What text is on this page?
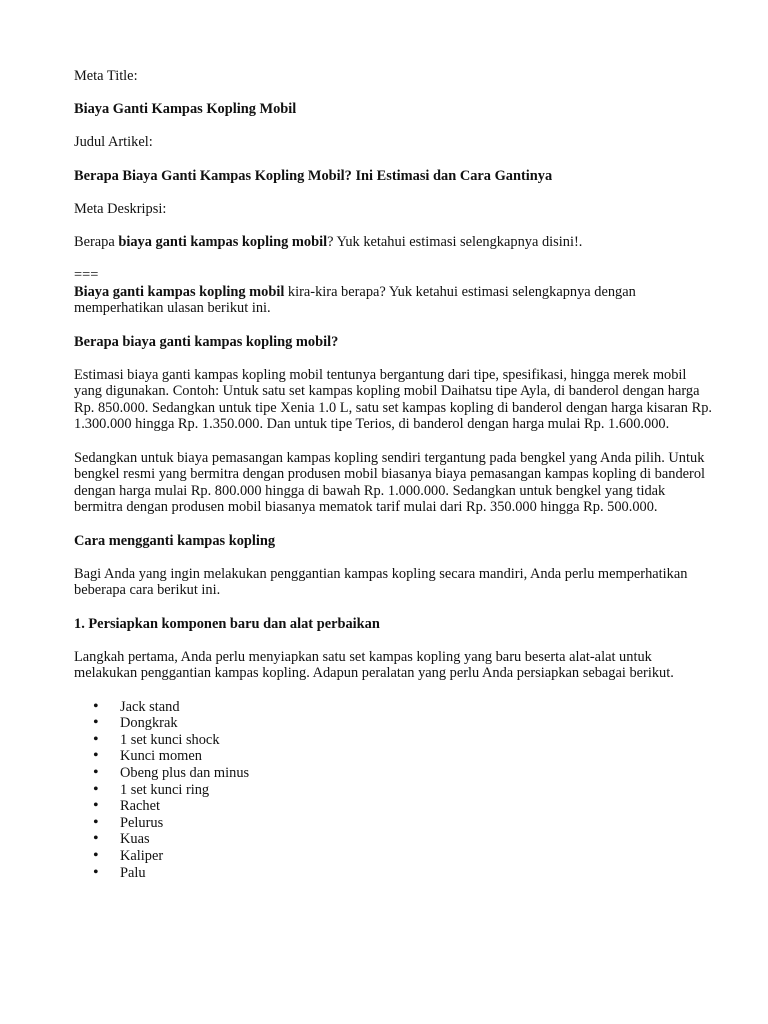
Meta Title:

Biaya Ganti Kampas Kopling Mobil

Judul Artikel:

Berapa Biaya Ganti Kampas Kopling Mobil? Ini Estimasi dan Cara Gantinya

Meta Deskripsi:

Berapa biaya ganti kampas kopling mobil? Yuk ketahui estimasi selengkapnya disini!.

===

Biaya ganti kampas kopling mobil kira-kira berapa? Yuk ketahui estimasi selengkapnya dengan memperhatikan ulasan berikut ini.

Berapa biaya ganti kampas kopling mobil?

Estimasi biaya ganti kampas kopling mobil tentunya bergantung dari tipe, spesifikasi, hingga merek mobil yang digunakan. Contoh: Untuk satu set kampas kopling mobil Daihatsu tipe Ayla, di banderol dengan harga Rp. 850.000. Sedangkan untuk tipe Xenia 1.0 L, satu set kampas kopling di banderol dengan harga kisaran Rp. 1.300.000 hingga Rp. 1.350.000. Dan untuk tipe Terios, di banderol dengan harga mulai Rp. 1.600.000.

Sedangkan untuk biaya pemasangan kampas kopling sendiri tergantung pada bengkel yang Anda pilih. Untuk bengkel resmi yang bermitra dengan produsen mobil biasanya biaya pemasangan kampas kopling di banderol dengan harga mulai Rp. 800.000 hingga di bawah Rp. 1.000.000. Sedangkan untuk bengkel yang tidak bermitra dengan produsen mobil biasanya mematok tarif mulai dari Rp. 350.000 hingga Rp. 500.000.

Cara mengganti kampas kopling

Bagi Anda yang ingin melakukan penggantian kampas kopling secara mandiri, Anda perlu memperhatikan beberapa cara berikut ini.

1. Persiapkan komponen baru dan alat perbaikan

Langkah pertama, Anda perlu menyiapkan satu set kampas kopling yang baru beserta alat-alat untuk melakukan penggantian kampas kopling. Adapun peralatan yang perlu Anda persiapkan sebagai berikut.

• Jack stand
• Dongkrak
• 1 set kunci shock
• Kunci momen
• Obeng plus dan minus
• 1 set kunci ring
• Rachet
• Pelurus
• Kuas
• Kaliper
• Palu
